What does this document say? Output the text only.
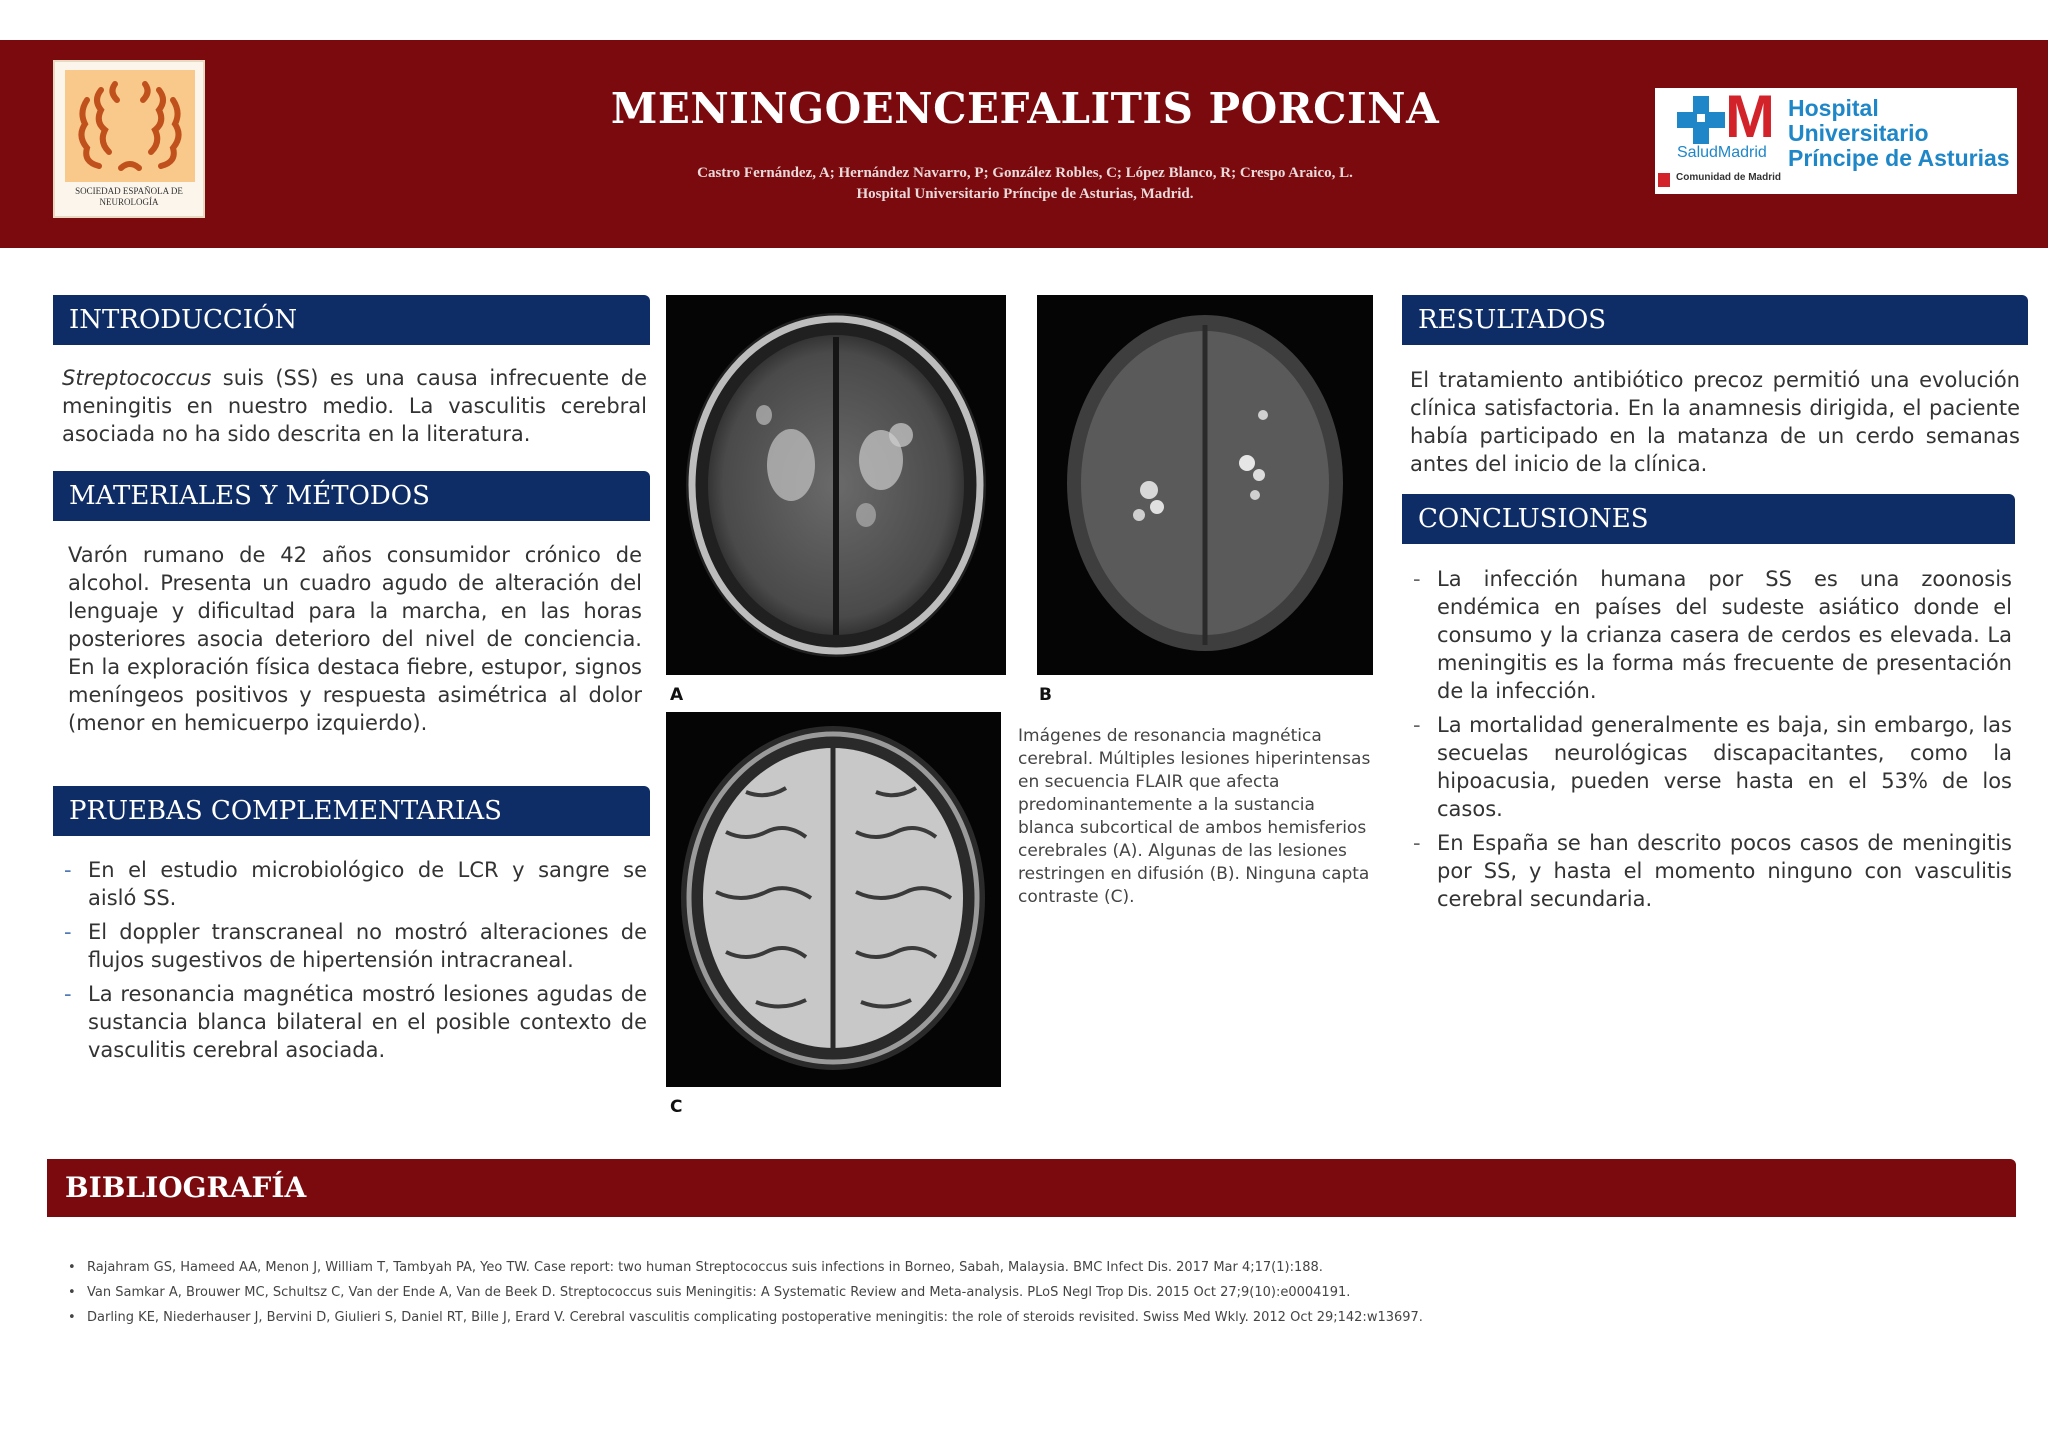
SOCIEDAD ESPAÑOLA DE NEUROLOGÍA
MENINGOENCEFALITIS PORCINA
Castro Fernández, A; Hernández Navarro, P; González Robles, C; López Blanco, R; Crespo Araico, L.
Hospital Universitario Príncipe de Asturias, Madrid.
M Hospital Universitario
Príncipe de Asturias
SaludMadrid
Comunidad de Madrid
INTRODUCCIÓN
Streptococcus suis (SS) es una causa infrecuente de meningitis en nuestro medio. La vasculitis cerebral asociada no ha sido descrita en la literatura.
MATERIALES Y MÉTODOS
Varón rumano de 42 años consumidor crónico de alcohol. Presenta un cuadro agudo de alteración del lenguaje y dificultad para la marcha, en las horas posteriores asocia deterioro del nivel de conciencia. En la exploración física destaca fiebre, estupor, signos meníngeos positivos y respuesta asimétrica al dolor (menor en hemicuerpo izquierdo).
PRUEBAS COMPLEMENTARIAS
- En el estudio microbiológico de LCR y sangre se aisló SS.
- El doppler transcraneal no mostró alteraciones de flujos sugestivos de hipertensión intracraneal.
- La resonancia magnética mostró lesiones agudas de sustancia blanca bilateral en el posible contexto de vasculitis cerebral asociada.
A	B
C
Imágenes de resonancia magnética cerebral. Múltiples lesiones hiperintensas en secuencia FLAIR que afecta predominantemente a la sustancia blanca subcortical de ambos hemisferios cerebrales (A). Algunas de las lesiones restringen en difusión (B). Ninguna capta contraste (C).
RESULTADOS
El tratamiento antibiótico precoz permitió una evolución clínica satisfactoria. En la anamnesis dirigida, el paciente había participado en la matanza de un cerdo semanas antes del inicio de la clínica.
CONCLUSIONES
- La infección humana por SS es una zoonosis endémica en países del sudeste asiático donde el consumo y la crianza casera de cerdos es elevada. La meningitis es la forma más frecuente de presentación de la infección.
- La mortalidad generalmente es baja, sin embargo, las secuelas neurológicas discapacitantes, como la hipoacusia, pueden verse hasta en el 53% de los casos.
- En España se han descrito pocos casos de meningitis por SS, y hasta el momento ninguno con vasculitis cerebral secundaria.
BIBLIOGRAFÍA
• Rajahram GS, Hameed AA, Menon J, William T, Tambyah PA, Yeo TW. Case report: two human Streptococcus suis infections in Borneo, Sabah, Malaysia. BMC Infect Dis. 2017 Mar 4;17(1):188.
• Van Samkar A, Brouwer MC, Schultsz C, Van der Ende A, Van de Beek D. Streptococcus suis Meningitis: A Systematic Review and Meta-analysis. PLoS Negl Trop Dis. 2015 Oct 27;9(10):e0004191.
• Darling KE, Niederhauser J, Bervini D, Giulieri S, Daniel RT, Bille J, Erard V. Cerebral vasculitis complicating postoperative meningitis: the role of steroids revisited. Swiss Med Wkly. 2012 Oct 29;142:w13697.
